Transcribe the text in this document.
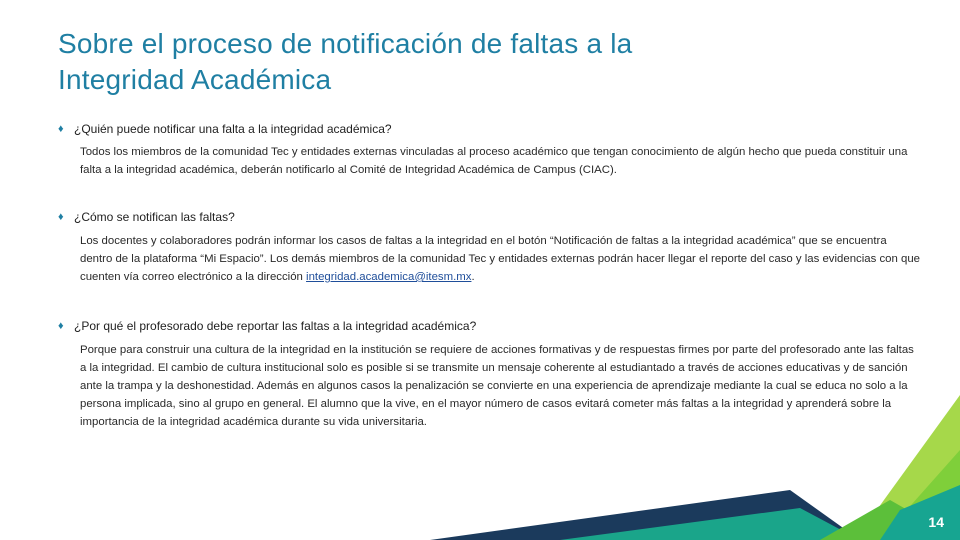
Sobre el proceso de notificación de faltas a la
Integridad Académica
♦ ¿Quién puede notificar una falta a la integridad académica?

Todos los miembros de la comunidad Tec y entidades externas vinculadas al proceso académico que tengan conocimiento de algún hecho que pueda constituir una falta a la integridad académica, deberán notificarlo al Comité de Integridad Académica de Campus (CIAC).

♦ ¿Cómo se notifican las faltas?

Los docentes y colaboradores podrán informar los casos de faltas a la integridad en el botón “Notificación de faltas a la integridad académica” que se encuentra dentro de la plataforma “Mi Espacio”. Los demás miembros de la comunidad Tec y entidades externas podrán hacer llegar el reporte del caso y las evidencias con que cuenten vía correo electrónico a la dirección integridad.academica@itesm.mx.

♦ ¿Por qué el profesorado debe reportar las faltas a la integridad académica?

Porque para construir una cultura de la integridad en la institución se requiere de acciones formativas y de respuestas firmes por parte del profesorado ante las faltas a la integridad. El cambio de cultura institucional solo es posible si se transmite un mensaje coherente al estudiantado a través de acciones educativas y de sanción ante la trampa y la deshonestidad. Además en algunos casos la penalización se convierte en una experiencia de aprendizaje mediante la cual se educa no solo a la persona implicada, sino al grupo en general. El alumno que la vive, en el mayor número de casos evitará cometer más faltas a la integridad y aprenderá sobre la importancia de la integridad académica durante su vida universitaria.

14
